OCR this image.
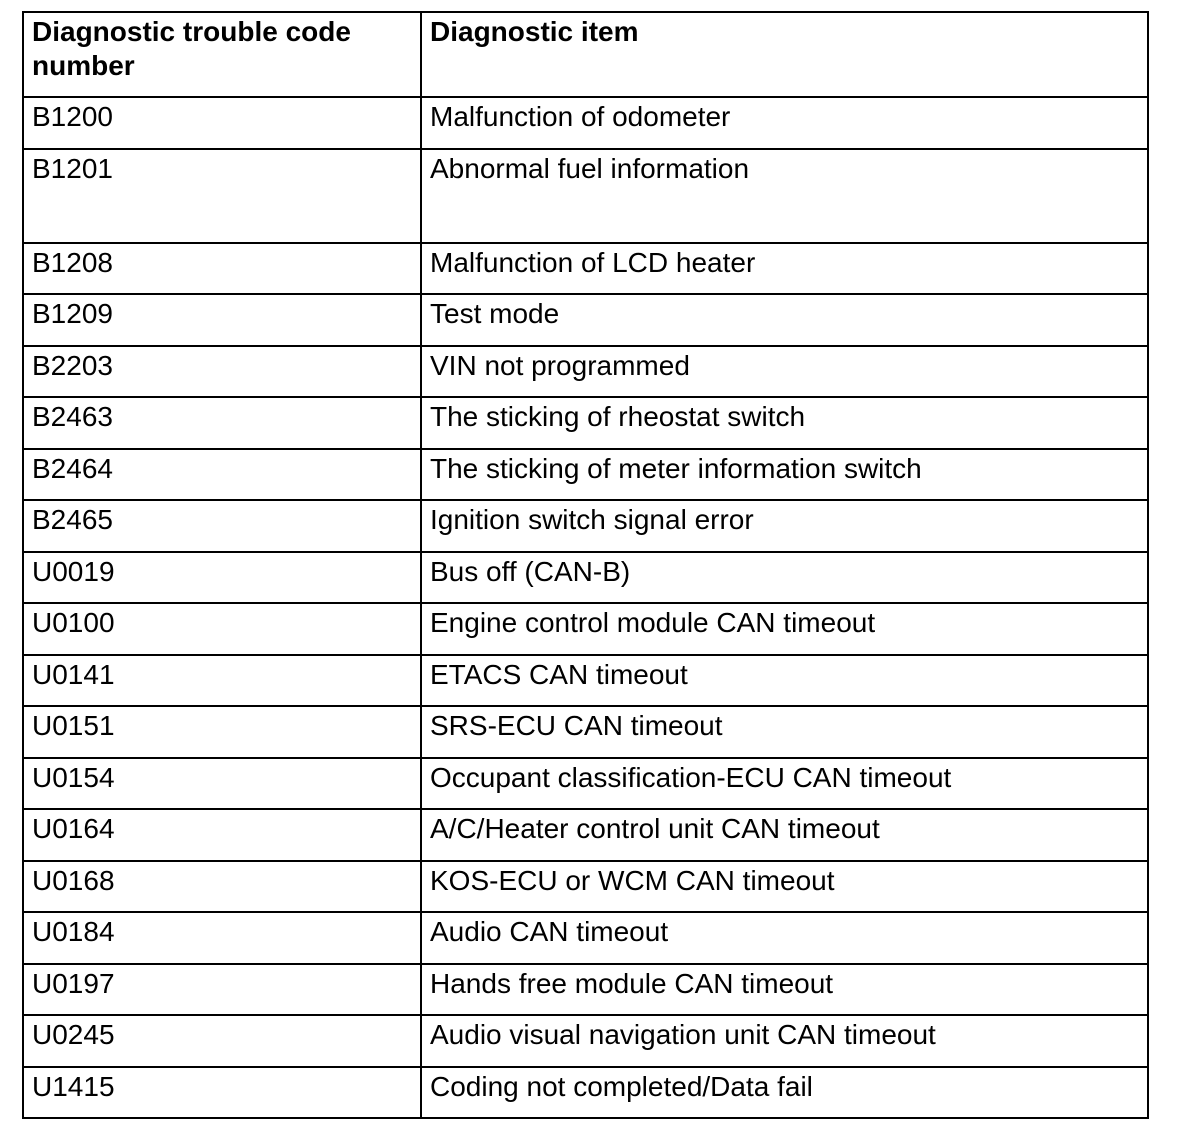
Diagnostic trouble code number	Diagnostic item
B1200	Malfunction of odometer
B1201	Abnormal fuel information
B1208	Malfunction of LCD heater
B1209	Test mode
B2203	VIN not programmed
B2463	The sticking of rheostat switch
B2464	The sticking of meter information switch
B2465	Ignition switch signal error
U0019	Bus off (CAN-B)
U0100	Engine control module CAN timeout
U0141	ETACS CAN timeout
U0151	SRS-ECU CAN timeout
U0154	Occupant classification-ECU CAN timeout
U0164	A/C/Heater control unit CAN timeout
U0168	KOS-ECU or WCM CAN timeout
U0184	Audio CAN timeout
U0197	Hands free module CAN timeout
U0245	Audio visual navigation unit CAN timeout
U1415	Coding not completed/Data fail
